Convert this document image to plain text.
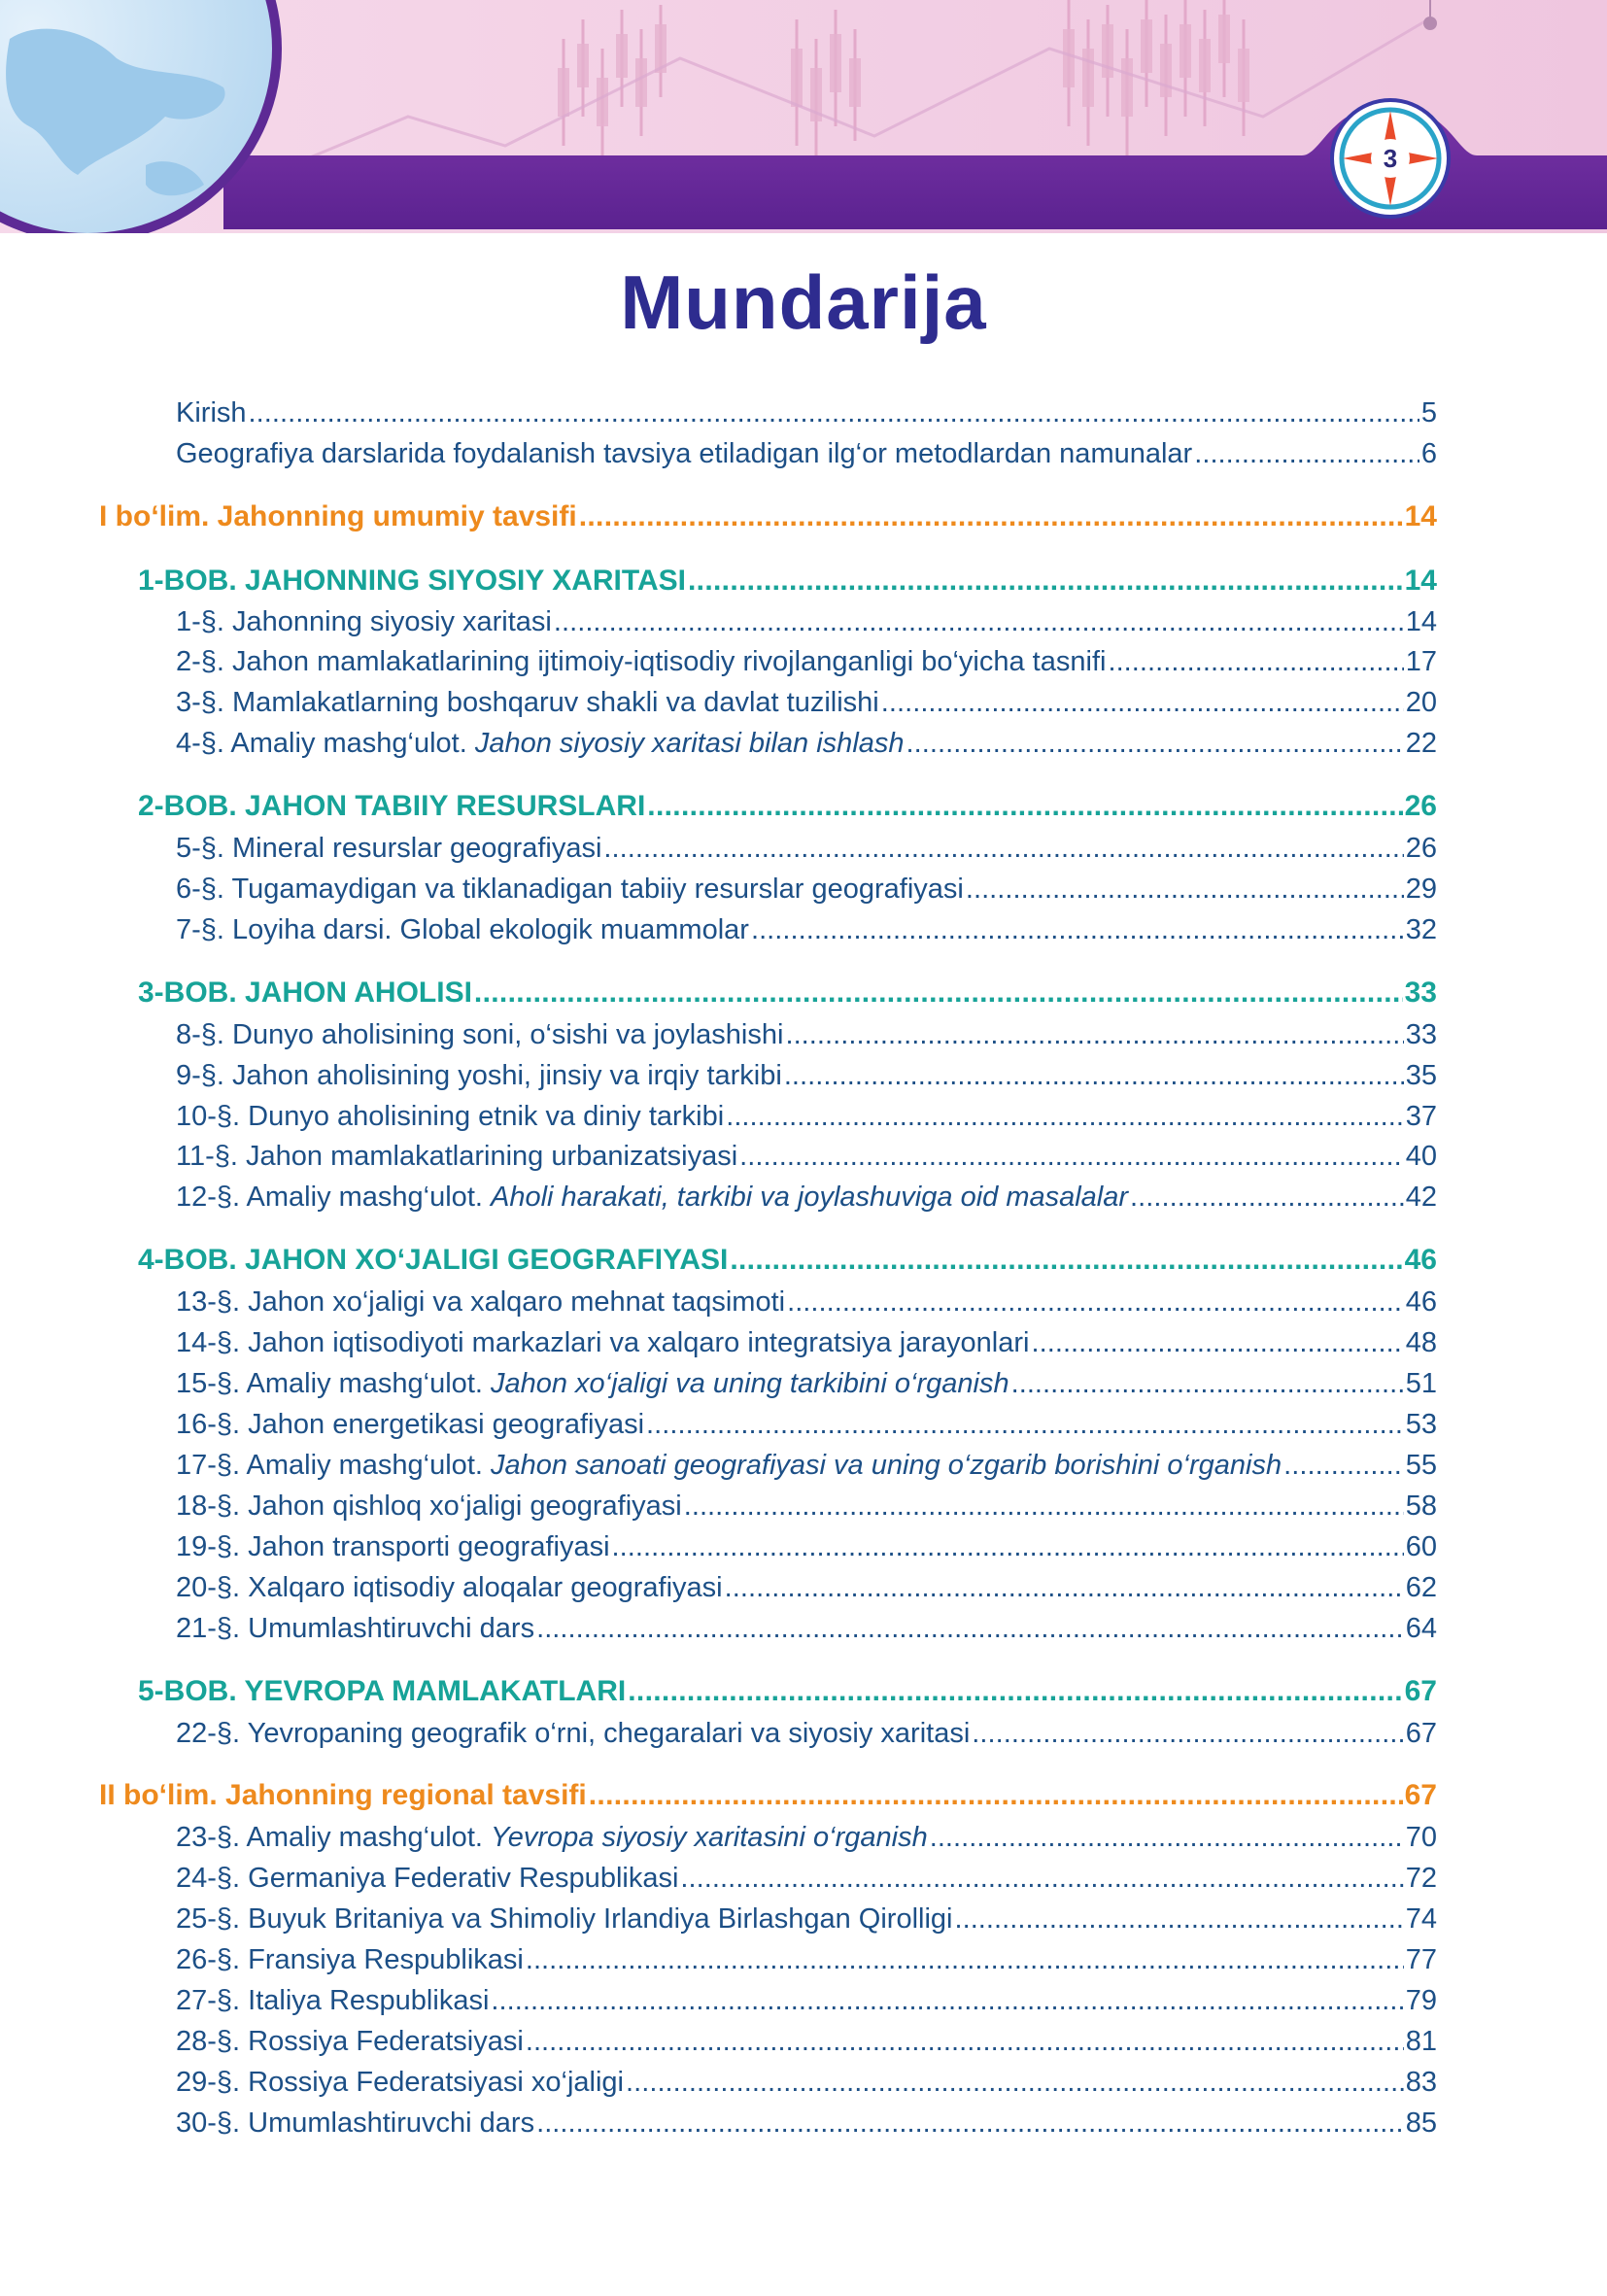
3
Mundarija
Kirish . . .	5
Geografiya darslarida foydalanish tavsiya etiladigan ilg‘or metodlardan namunalar . . .	6
I bo‘lim. Jahonning umumiy tavsifi . . .	14
1-BOB. JAHONNING SIYOSIY XARITASI . . .	14
1-§. Jahonning siyosiy xaritasi . . .	14
2-§. Jahon mamlakatlarining ijtimoiy-iqtisodiy rivojlanganligi bo‘yicha tasnifi . . .	17
3-§. Mamlakatlarning boshqaruv shakli va davlat tuzilishi . . .	20
4-§. Amaliy mashg‘ulot. Jahon siyosiy xaritasi bilan ishlash . . .	22
2-BOB. JAHON TABIIY RESURSLARI . . .	26
5-§. Mineral resurslar geografiyasi . . .	26
6-§. Tugamaydigan va tiklanadigan tabiiy resurslar geografiyasi . . .	29
7-§. Loyiha darsi. Global ekologik muammolar . . .	32
3-BOB. JAHON AHOLISI . . .	33
8-§. Dunyo aholisining soni, o‘sishi va joylashishi . . .	33
9-§. Jahon aholisining yoshi, jinsiy va irqiy tarkibi . . .	35
10-§. Dunyo aholisining etnik va diniy tarkibi . . .	37
11-§. Jahon mamlakatlarining urbanizatsiyasi . . .	40
12-§. Amaliy mashg‘ulot. Aholi harakati, tarkibi va joylashuviga oid masalalar . . .	42
4-BOB. JAHON XO‘JALIGI GEOGRAFIYASI . . .	46
13-§. Jahon xo‘jaligi va xalqaro mehnat taqsimoti . . .	46
14-§. Jahon iqtisodiyoti markazlari va xalqaro integratsiya jarayonlari . . .	48
15-§. Amaliy mashg‘ulot. Jahon xo‘jaligi va uning tarkibini o‘rganish . . .	51
16-§. Jahon energetikasi geografiyasi . . .	53
17-§. Amaliy mashg‘ulot. Jahon sanoati geografiyasi va uning o‘zgarib borishini o‘rganish . . .	55
18-§. Jahon qishloq xo‘jaligi geografiyasi . . .	58
19-§. Jahon transporti geografiyasi . . .	60
20-§. Xalqaro iqtisodiy aloqalar geografiyasi . . .	62
21-§. Umumlashtiruvchi dars . . .	64
5-BOB. YEVROPA MAMLAKATLARI . . .	67
22-§. Yevropaning geografik o‘rni, chegaralari va siyosiy xaritasi . . .	67
II bo‘lim. Jahonning regional tavsifi . . .	67
23-§. Amaliy mashg‘ulot. Yevropa siyosiy xaritasini o‘rganish . . .	70
24-§. Germaniya Federativ Respublikasi . . .	72
25-§. Buyuk Britaniya va Shimoliy Irlandiya Birlashgan Qirolligi . . .	74
26-§. Fransiya Respublikasi . . .	77
27-§. Italiya Respublikasi . . .	79
28-§. Rossiya Federatsiyasi . . .	81
29-§. Rossiya Federatsiyasi xo‘jaligi . . .	83
30-§. Umumlashtiruvchi dars . . .	85
